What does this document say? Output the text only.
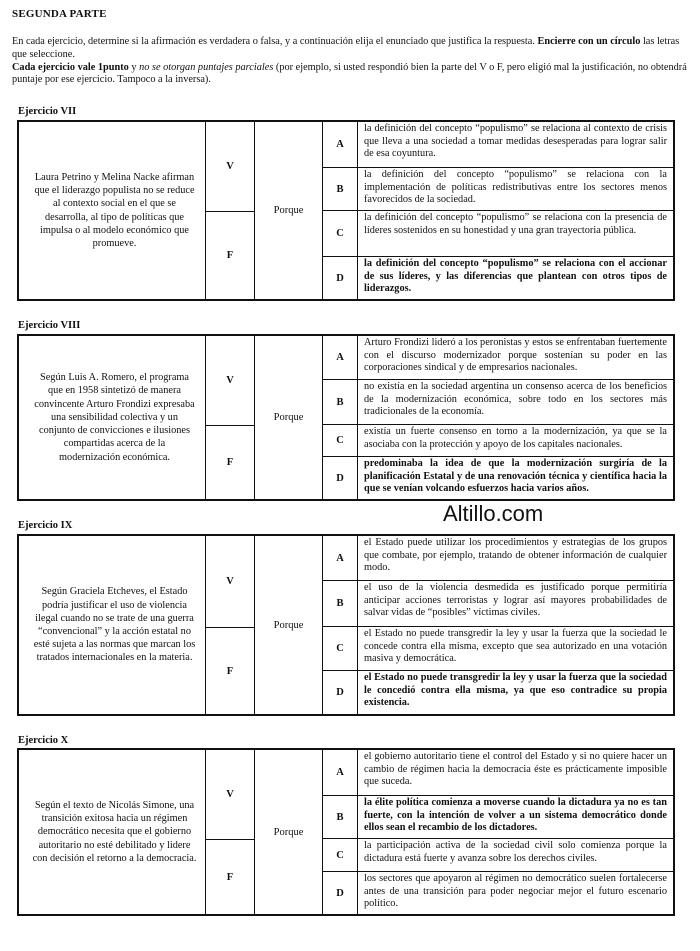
SEGUNDA PARTE
En cada ejercicio, determine si la afirmación es verdadera o falsa, y a continuación elija el enunciado que justifica la respuesta. Encierre con un círculo las letras que seleccione.
Cada ejercicio vale 1punto y no se otorgan puntajes parciales (por ejemplo, si usted respondió bien la parte del V o F, pero eligió mal la justificación, no obtendrá puntaje por ese ejercicio. Tampoco a la inversa).
Ejercicio VII
Laura Petrino y Melina Nacke afirman que el liderazgo populista no se reduce al contexto social en el que se desarrolla, al tipo de políticas que impulsa o al modelo económico que promueve.
V
F
Porque
A
la definición del concepto “populismo” se relaciona al contexto de crisis que lleva a una sociedad a tomar medidas desesperadas para lograr salir de esa coyuntura.
B
la definición del concepto “populismo” se relaciona con la implementación de políticas redistributivas entre los sectores menos favorecidos de la sociedad.
C
la definición del concepto “populismo” se relaciona con la presencia de líderes sostenidos en su honestidad y una gran trayectoria pública.
D
la definición del concepto “populismo” se relaciona con el accionar de sus líderes, y las diferencias que plantean con otros tipos de liderazgos.
Ejercicio VIII
Según Luis A. Romero, el programa que en 1958 sintetizó de manera convincente Arturo Frondizi expresaba una sensibilidad colectiva y un conjunto de convicciones e ilusiones compartidas acerca de la modernización económica.
V
F
Porque
A
Arturo Frondizi lideró a los peronistas y estos se enfrentaban fuertemente con el discurso modernizador porque sostenían su poder en las corporaciones sindical y de empresarios nacionales.
B
no existía en la sociedad argentina un consenso acerca de los beneficios de la modernización económica, sobre todo en los sectores más tradicionales de la economía.
C
existía un fuerte consenso en torno a la modernización, ya que se la asociaba con la protección y apoyo de los capitales nacionales.
D
predominaba la idea de que la modernización surgiría de la planificación Estatal y de una renovación técnica y científica hacia la que se venían volcando esfuerzos hacia varios años.
Altillo.com
Ejercicio IX
Según Graciela Etcheves, el Estado podría justificar el uso de violencia ilegal cuando no se trate de una guerra “convencional” y la acción estatal no esté sujeta a las normas que marcan los tratados internacionales en la materia.
V
F
Porque
A
el Estado puede utilizar los procedimientos y estrategias de los grupos que combate, por ejemplo, tratando de obtener información de cualquier modo.
B
el uso de la violencia desmedida es justificado porque permitiría anticipar acciones terroristas y lograr así mayores probabilidades de salvar vidas de “posibles” víctimas civiles.
C
el Estado no puede transgredir la ley y usar la fuerza que la sociedad le concede contra ella misma, excepto que sea autorizado en una votación masiva y democrática.
D
el Estado no puede transgredir la ley y usar la fuerza que la sociedad le concedió contra ella misma, ya que eso contradice su propia existencia.
Ejercicio X
Según el texto de Nicolás Simone, una transición exitosa hacia un régimen democrático necesita que el gobierno autoritario no esté debilitado y lidere con decisión el retorno a la democracia.
V
F
Porque
A
el gobierno autoritario tiene el control del Estado y si no quiere hacer un cambio de régimen hacia la democracia éste es prácticamente imposible que suceda.
B
la élite política comienza a moverse cuando la dictadura ya no es tan fuerte, con la intención de volver a un sistema democrático donde ellos sean el recambio de los dictadores.
C
la participación activa de la sociedad civil solo comienza porque la dictadura está fuerte y avanza sobre los derechos civiles.
D
los sectores que apoyaron al régimen no democrático suelen fortalecerse antes de una transición para poder negociar mejor el futuro escenario político.
